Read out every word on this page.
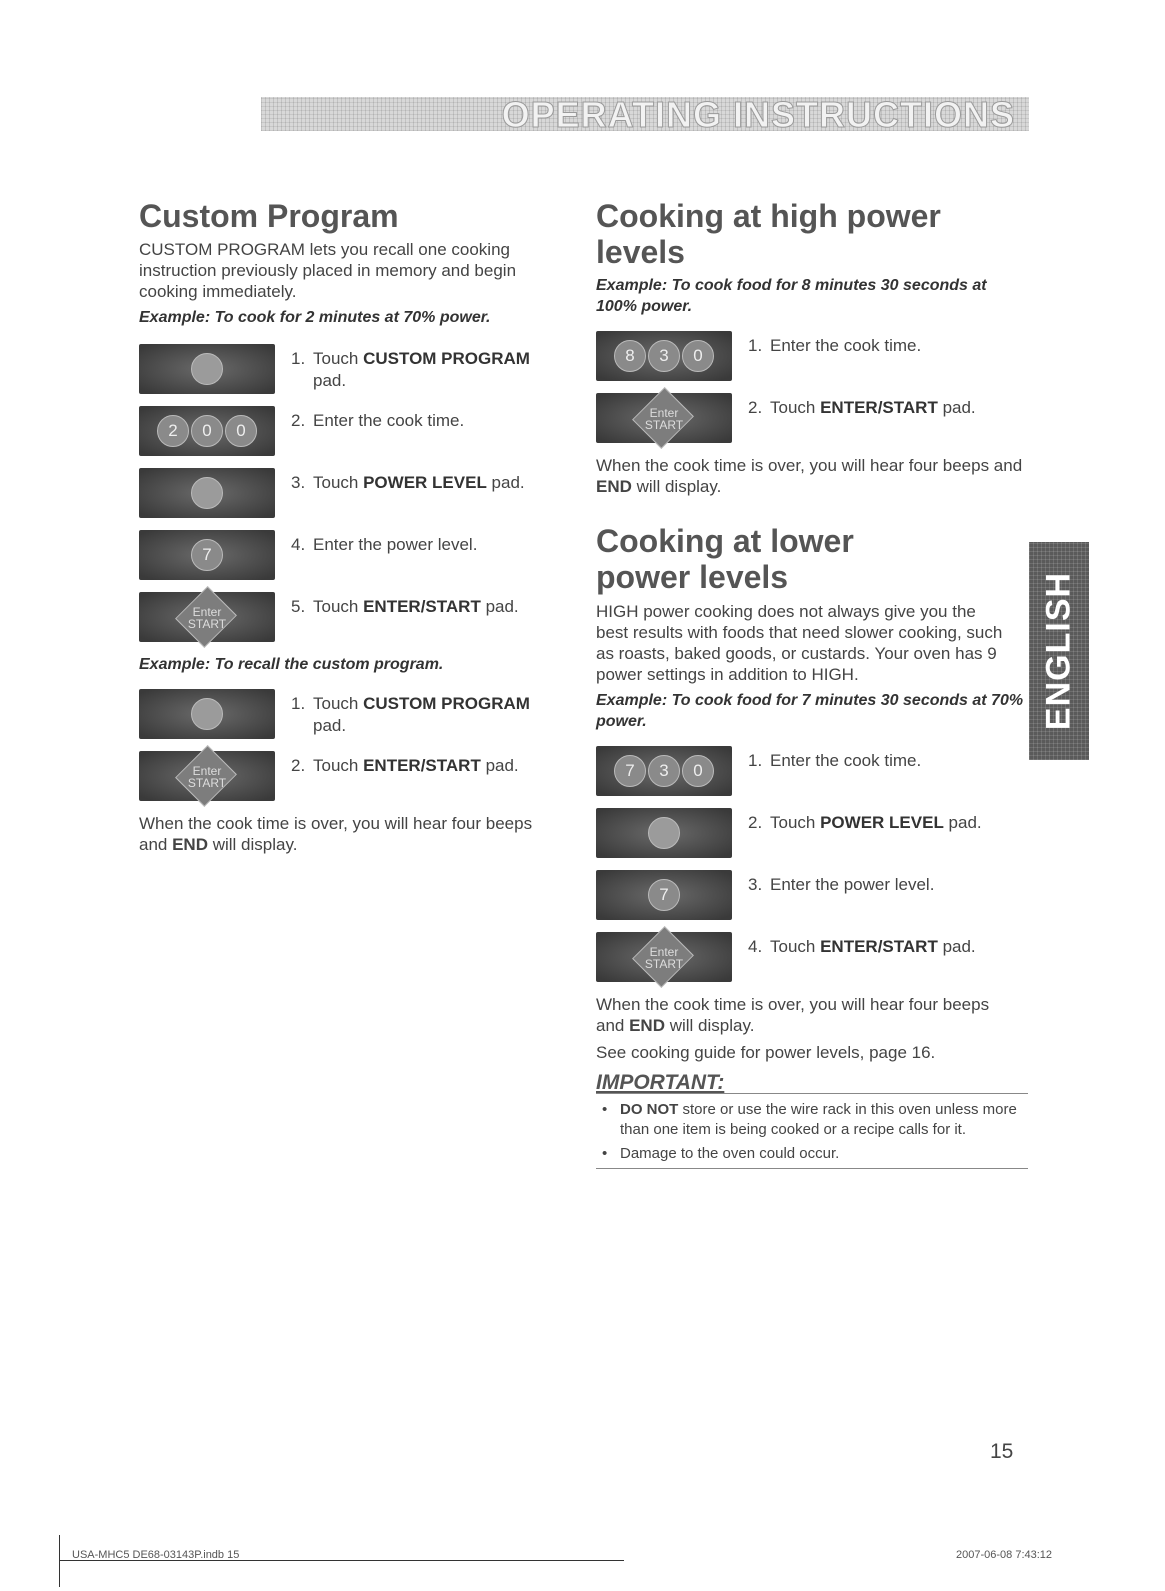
OPERATING INSTRUCTIONS
Custom Program

CUSTOM PROGRAM lets you recall one cooking instruction previously placed in memory and begin cooking immediately.

Example: To cook for 2 minutes at 70% power.

1. Touch CUSTOM PROGRAM
pad.
2	0	0
2. Enter the cook time.
3. Touch POWER LEVEL pad.
7
4. Enter the power level.
Enter
START
5. Touch ENTER/START pad.

Example: To recall the custom program.

1. Touch CUSTOM PROGRAM
pad.
Enter
START
2. Touch ENTER/START pad.

When the cook time is over, you will hear four beeps and END will display.

Cooking at high power levels

Example: To cook food for 8 minutes 30 seconds at 100% power.

8	3	0
1. Enter the cook time.
Enter
START
2. Touch ENTER/START pad.

When the cook time is over, you will hear four beeps and END will display.

Cooking at lower power levels

HIGH power cooking does not always give you the best results with foods that need slower cooking, such as roasts, baked goods, or custards. Your oven has 9 power settings in addition to HIGH.

Example: To cook food for 7 minutes 30 seconds at 70% power.

7	3	0
1. Enter the cook time.
2. Touch POWER LEVEL pad.
7
3. Enter the power level.
Enter
START
4. Touch ENTER/START pad.

When the cook time is over, you will hear four beeps and END will display.

See cooking guide for power levels, page 16.

IMPORTANT:
• DO NOT store or use the wire rack in this oven unless more than one item is being cooked or a recipe calls for it.
• Damage to the oven could occur.
ENGLISH
15
USA-MHC5 DE68-03143P.indb 15	2007-06-08 7:43:12
